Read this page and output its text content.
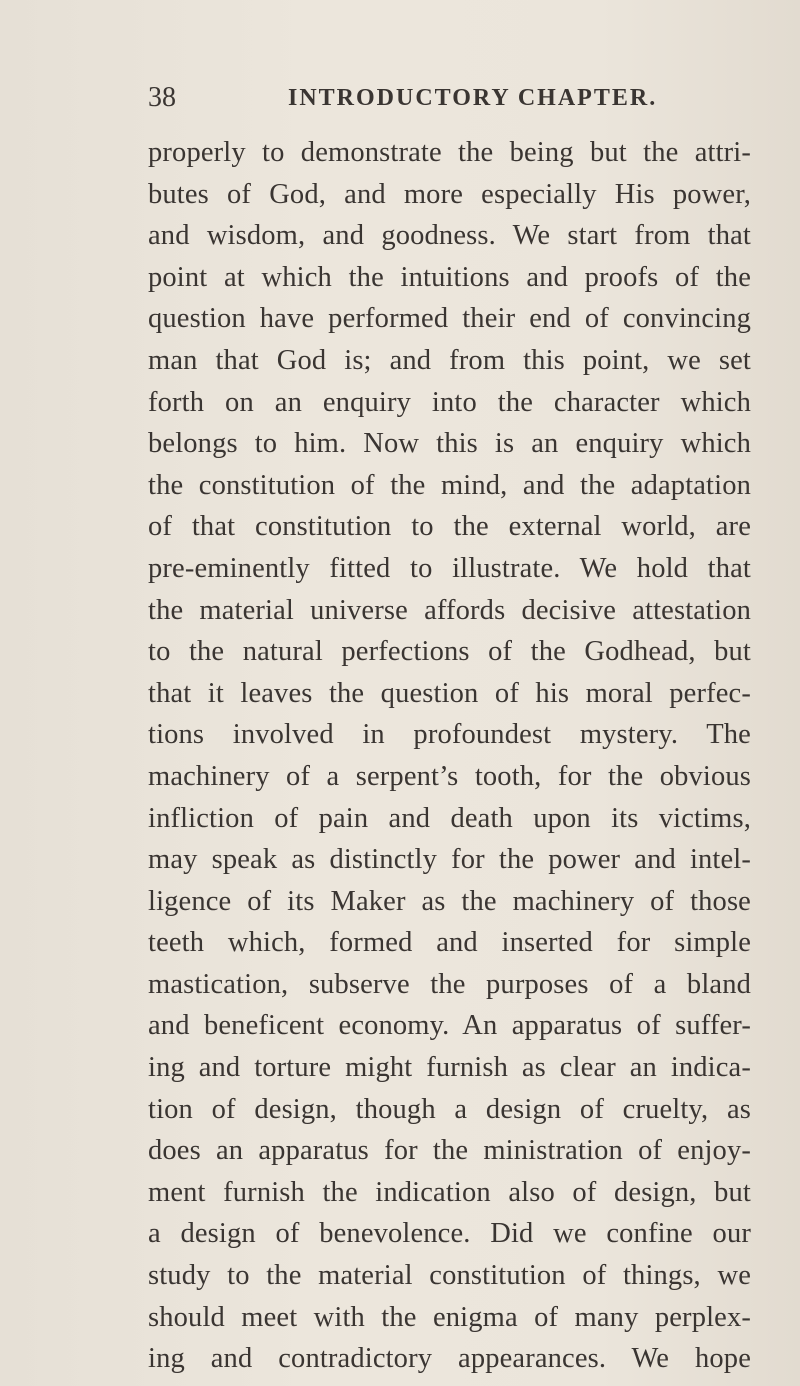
38	INTRODUCTORY CHAPTER.
properly to demonstrate the being but the attri-
butes of God, and more especially His power,
and wisdom, and goodness. We start from that
point at which the intuitions and proofs of the
question have performed their end of convincing
man that God is; and from this point, we set
forth on an enquiry into the character which
belongs to him. Now this is an enquiry which
the constitution of the mind, and the adaptation
of that constitution to the external world, are
pre-eminently fitted to illustrate. We hold that
the material universe affords decisive attestation
to the natural perfections of the Godhead, but
that it leaves the question of his moral perfec-
tions involved in profoundest mystery. The
machinery of a serpent’s tooth, for the obvious
infliction of pain and death upon its victims,
may speak as distinctly for the power and intel-
ligence of its Maker as the machinery of those
teeth which, formed and inserted for simple
mastication, subserve the purposes of a bland
and beneficent economy. An apparatus of suffer-
ing and torture might furnish as clear an indica-
tion of design, though a design of cruelty, as
does an apparatus for the ministration of enjoy-
ment furnish the indication also of design, but
a design of benevolence. Did we confine our
study to the material constitution of things, we
should meet with the enigma of many perplex-
ing and contradictory appearances. We hope
